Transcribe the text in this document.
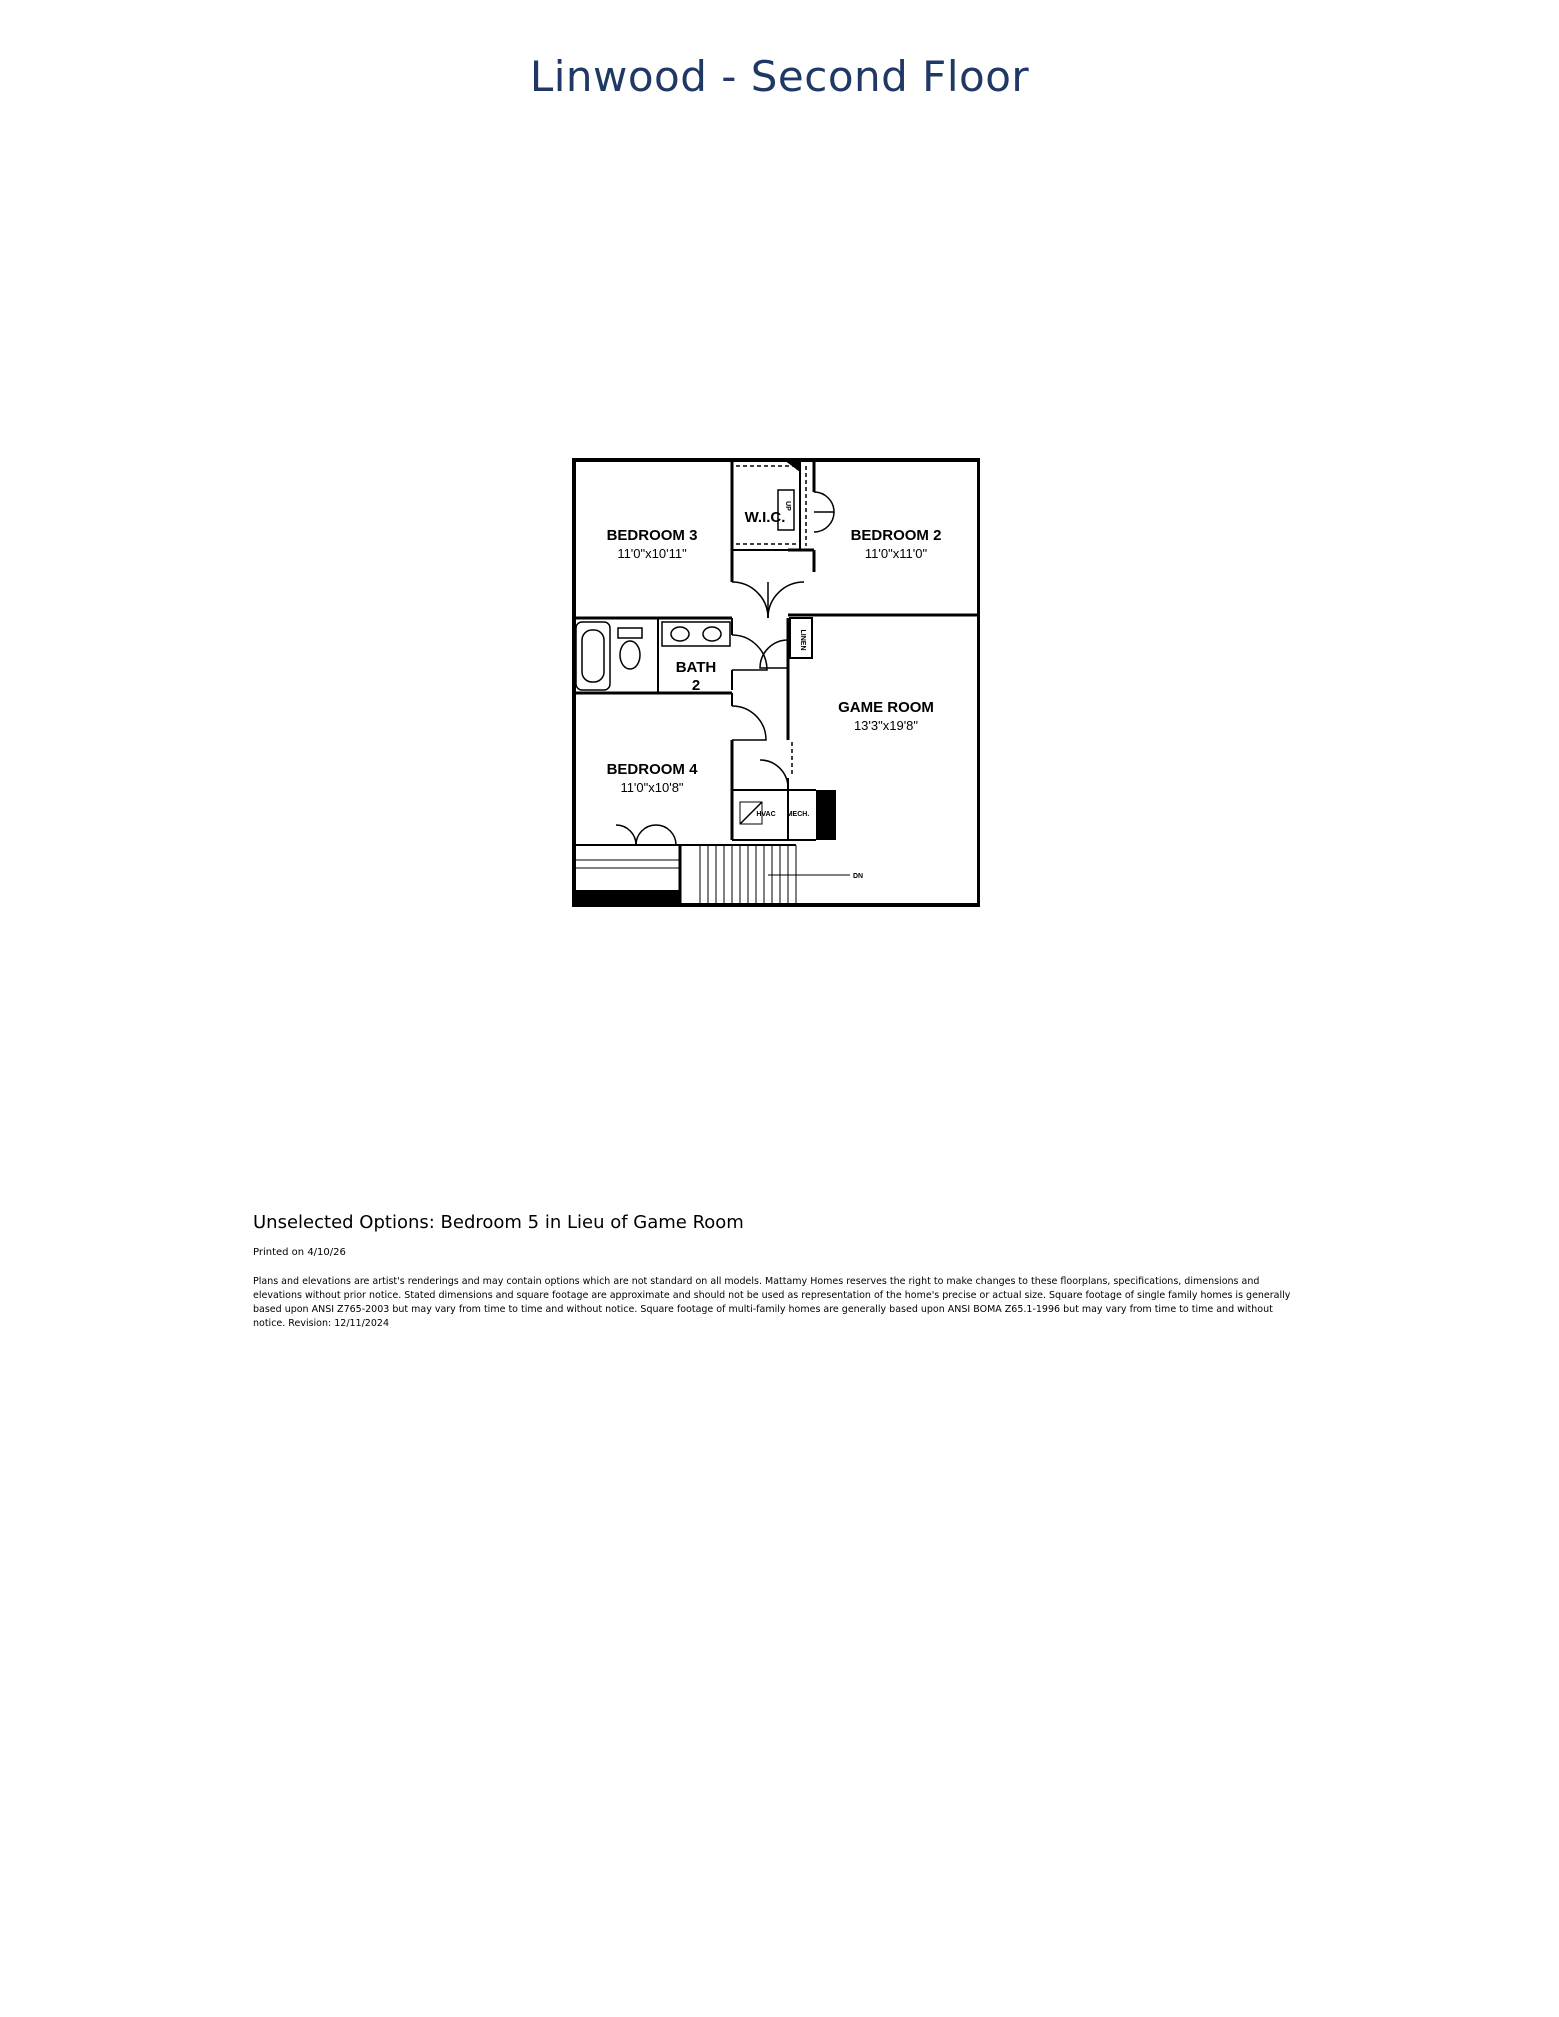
Linwood - Second Floor
BEDROOM 3
11'0"x10'11"
BEDROOM 2
11'0"x11'0"
W.I.C.
BATH
2
GAME ROOM
13'3"x19'8"
BEDROOM 4
11'0"x10'8"
LINEN
HVAC MECH.
DN
UP
Unselected Options: Bedroom 5 in Lieu of Game Room
Printed on 4/10/26
Plans and elevations are artist's renderings and may contain options which are not standard on all models. Mattamy Homes reserves the right to make changes to these floorplans, specifications, dimensions and elevations without prior notice. Stated dimensions and square footage are approximate and should not be used as representation of the home's precise or actual size. Square footage of single family homes is generally based upon ANSI Z765-2003 but may vary from time to time and without notice. Square footage of multi-family homes are generally based upon ANSI BOMA Z65.1-1996 but may vary from time to time and without notice. Revision: 12/11/2024
